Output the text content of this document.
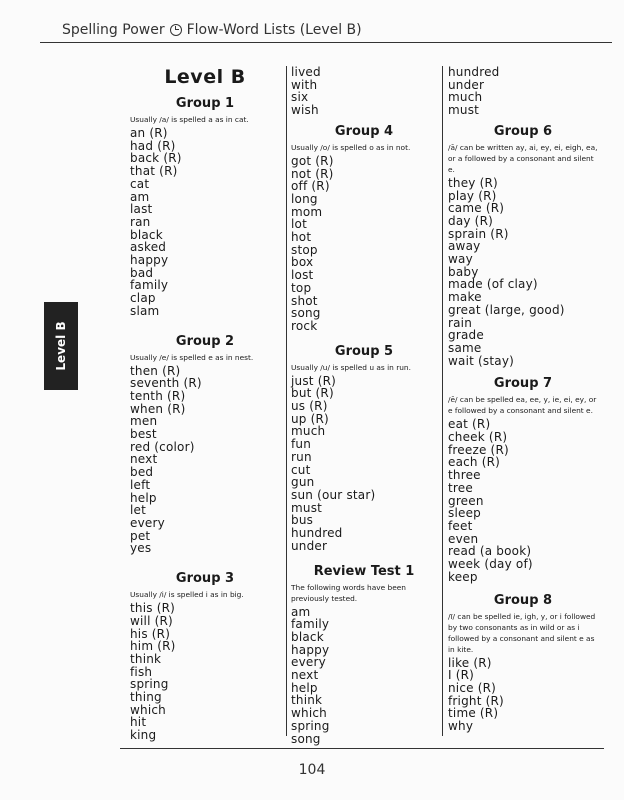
Spelling Power Flow-Word Lists (Level B)
Level B
Level B
Group 1
Usually /a/ is spelled a as in cat.
an (R)
had (R)
back (R)
that (R)
cat
am
last
ran
black
asked
happy
bad
family
clap
slam
Group 2
Usually /e/ is spelled e as in nest.
then (R)
seventh (R)
tenth (R)
when (R)
men
best
red (color)
next
bed
left
help
let
every
pet
yes
Group 3
Usually /i/ is spelled i as in big.
this (R)
will (R)
his (R)
him (R)
think
fish
spring
thing
which
hit
king
lived
with
six
wish
Group 4
Usually /o/ is spelled o as in not.
got (R)
not (R)
off (R)
long
mom
lot
hot
stop
box
lost
top
shot
song
rock
Group 5
Usually /u/ is spelled u as in run.
just (R)
but (R)
us (R)
up (R)
much
fun
run
cut
gun
sun (our star)
must
bus
hundred
under
Review Test 1
The following words have been previously tested.
am
family
black
happy
every
next
help
think
which
spring
song
hundred
under
much
must
Group 6
/ā/ can be written ay, ai, ey, ei, eigh, ea, or a followed by a consonant and silent e.
they (R)
play (R)
came (R)
day (R)
sprain (R)
away
way
baby
made (of clay)
make
great (large, good)
rain
grade
same
wait (stay)
Group 7
/ē/ can be spelled ea, ee, y, ie, ei, ey, or e followed by a consonant and silent e.
eat (R)
cheek (R)
freeze (R)
each (R)
three
tree
green
sleep
feet
even
read (a book)
week (day of)
keep
Group 8
/ī/ can be spelled ie, igh, y, or i followed by two consonants as in wild or as i followed by a consonant and silent e as in kite.
like (R)
I (R)
nice (R)
fright (R)
time (R)
why
104
